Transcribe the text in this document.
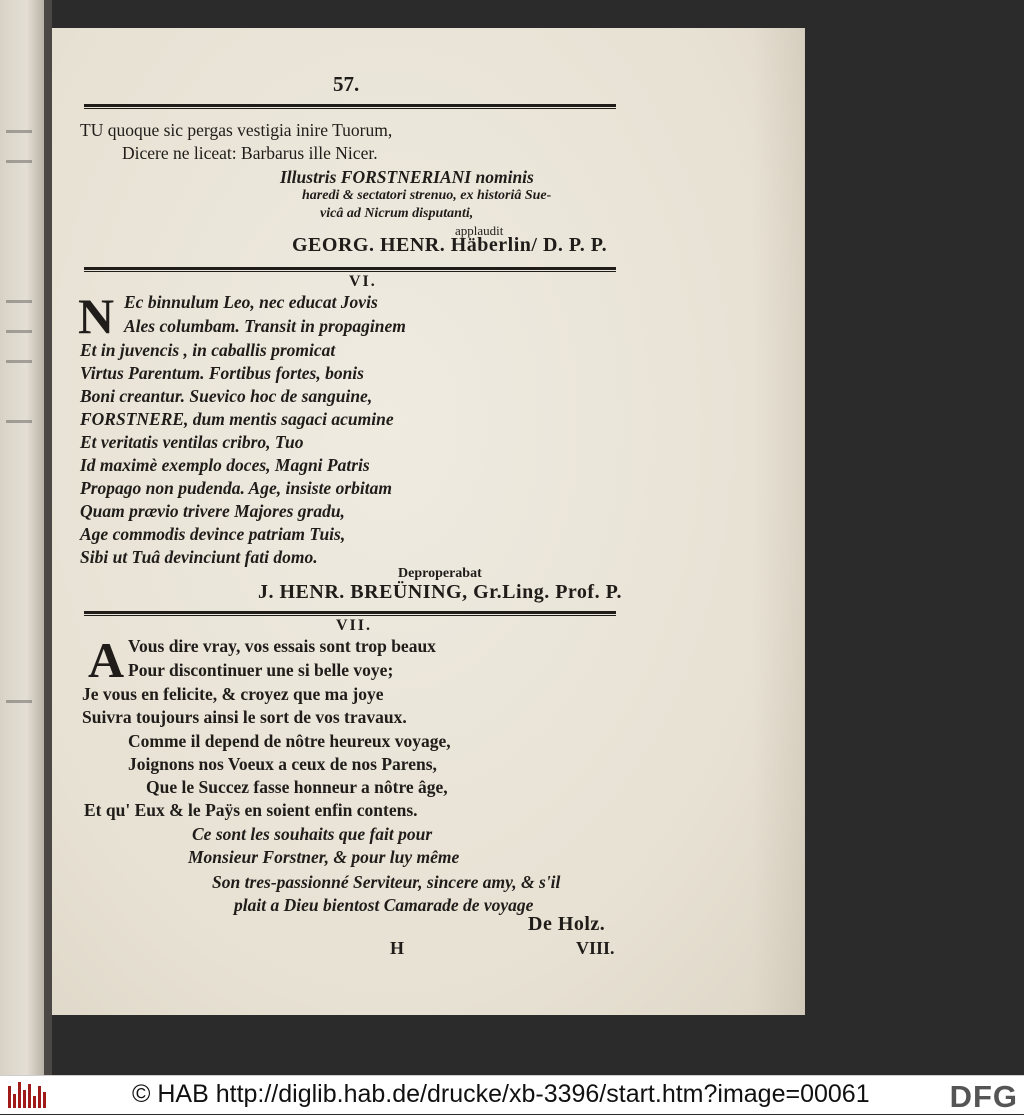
57.
TU quoque sic pergas vestigia inire Tuorum,
Dicere ne liceat: Barbarus ille Nicer.
Illustris FORSTNERIANI nominis
haredi & sectatori strenuo, ex historiâ Sue-
vicâ ad Nicrum disputanti,
applaudit
GEORG. HENR. Häberlin/ D. P. P.
VI.
N Ec binnulum Leo, nec educat Jovis
Ales columbam. Transit in propaginem
Et in juvencis , in caballis promicat
Virtus Parentum. Fortibus fortes, bonis
Boni creantur. Suevico hoc de sanguine,
FORSTNERE, dum mentis sagaci acumine
Et veritatis ventilas cribro, Tuo
Id maximè exemplo doces, Magni Patris
Propago non pudenda. Age, insiste orbitam
Quam prævio trivere Majores gradu,
Age commodis devince patriam Tuis,
Sibi ut Tuâ devinciunt fati domo.
Deproperabat
J. HENR. BREÜNING, Gr.Ling. Prof. P.
VII.
A Vous dire vray, vos essais sont trop beaux
Pour discontinuer une si belle voye;
Je vous en felicite, & croyez que ma joye
Suivra toujours ainsi le sort de vos travaux.
Comme il depend de nôtre heureux voyage,
Joignons nos Voeux a ceux de nos Parens,
Que le Succez fasse honneur a nôtre âge,
Et qu' Eux & le Paÿs en soient enfin contens.
Ce sont les souhaits que fait pour
Monsieur Forstner, & pour luy même
Son tres-passionné Serviteur, sincere amy, & s'il
plait a Dieu bientost Camarade de voyage
De Holz.
H	VIII.
© HAB http://diglib.hab.de/drucke/xb-3396/start.htm?image=00061	DFG
